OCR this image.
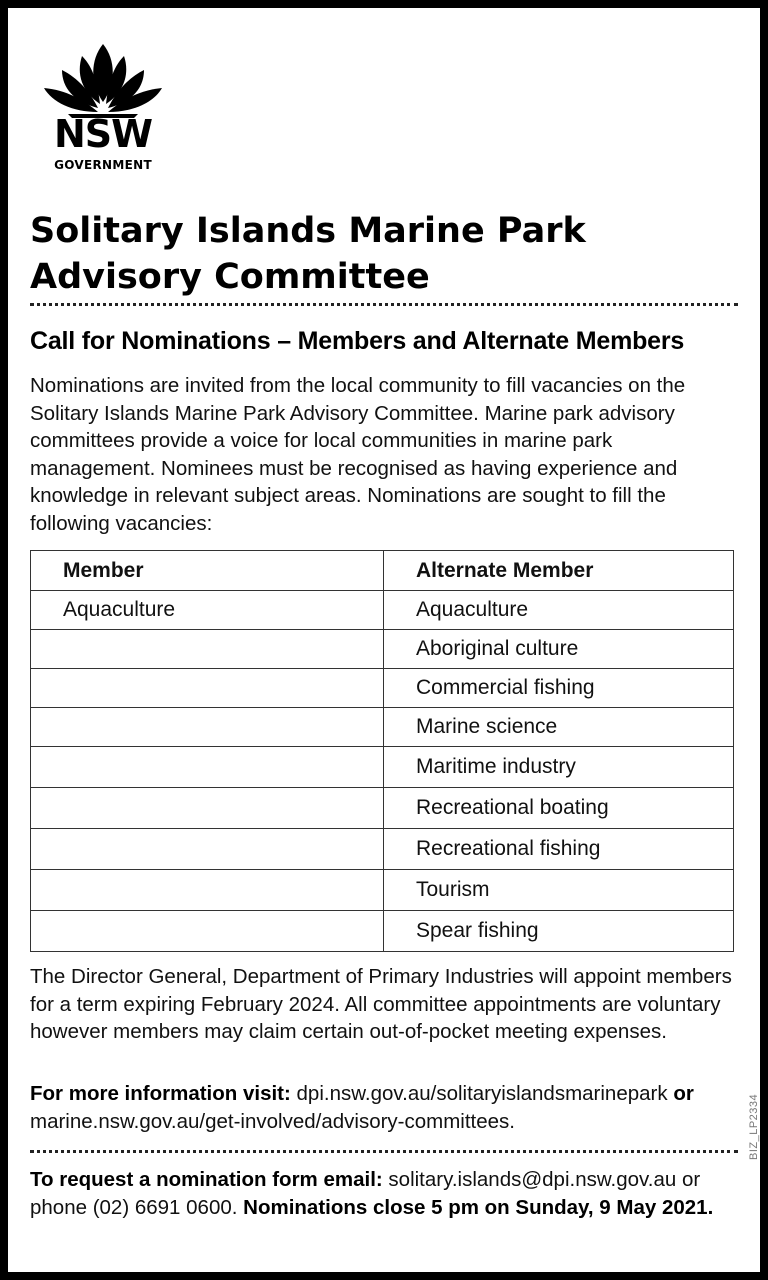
NSW
GOVERNMENT
Solitary Islands Marine Park
Advisory Committee
Call for Nominations – Members and Alternate Members

Nominations are invited from the local community to fill vacancies on the Solitary Islands Marine Park Advisory Committee. Marine park advisory committees provide a voice for local communities in marine park management. Nominees must be recognised as having experience and knowledge in relevant subject areas. Nominations are sought to fill the following vacancies:

Member	Alternate Member
Aquaculture	Aquaculture
	Aboriginal culture
	Commercial fishing
	Marine science
	Maritime industry
	Recreational boating
	Recreational fishing
	Tourism
	Spear fishing

The Director General, Department of Primary Industries will appoint members for a term expiring February 2024. All committee appointments are voluntary however members may claim certain out-of-pocket meeting expenses.

For more information visit: dpi.nsw.gov.au/solitaryislandsmarinepark or marine.nsw.gov.au/get-involved/advisory-committees.

To request a nomination form email: solitary.islands@dpi.nsw.gov.au or phone (02) 6691 0600. Nominations close 5 pm on Sunday, 9 May 2021.

BIZ_LP2334
